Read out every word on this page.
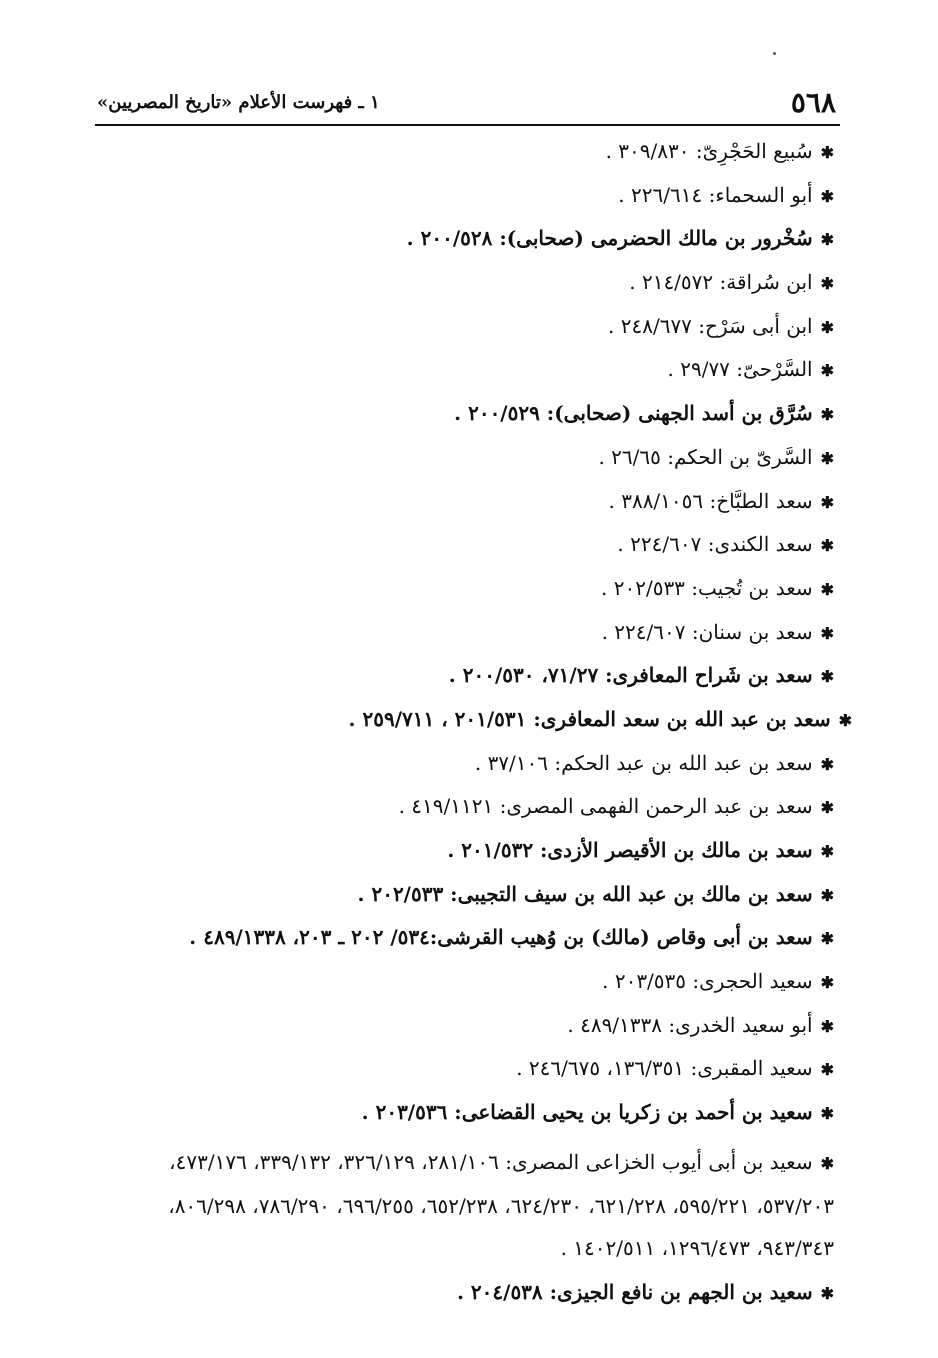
٥٦٨
١ ـ فهرست الأعلام «تاريخ المصريين»
✱سُبيع الحَجْرِىّ: ٣٠٩/٨٣٠ .
✱أبو السحماء: ٢٢٦/٦١٤ .
✱سُخْرور بن مالك الحضرمى (صحابى): ٢٠٠/٥٢٨ .
✱ابن سُراقة: ٢١٤/٥٧٢ .
✱ابن أبى سَرْح: ٢٤٨/٦٧٧ .
✱السَّرْحىّ: ٢٩/٧٧ .
✱سُرَّق بن أسد الجهنى (صحابى): ٢٠٠/٥٢٩ .
✱السَّرىّ بن الحكم: ٢٦/٦٥ .
✱سعد الطبَّاخ: ٣٨٨/١٠٥٦ .
✱سعد الكندى: ٢٢٤/٦٠٧ .
✱سعد بن تُجيب: ٢٠٢/٥٣٣ .
✱سعد بن سنان: ٢٢٤/٦٠٧ .
✱سعد بن شَراح المعافرى: ٧١/٢٧، ٢٠٠/٥٣٠ .
✱سعد بن عبد الله بن سعد المعافرى: ٢٠١/٥٣١ ، ٢٥٩/٧١١ .
✱سعد بن عبد الله بن عبد الحكم: ٣٧/١٠٦ .
✱سعد بن عبد الرحمن الفهمى المصرى: ٤١٩/١١٢١ .
✱سعد بن مالك بن الأقيصر الأزدى: ٢٠١/٥٣٢ .
✱سعد بن مالك بن عبد الله بن سيف التجيبى: ٢٠٢/٥٣٣ .
✱سعد بن أبى وقاص (مالك) بن وُهيب القرشى:٥٣٤/ ٢٠٢ ـ ٢٠٣، ٤٨٩/١٣٣٨ .
✱سعيد الحجرى: ٢٠٣/٥٣٥ .
✱أبو سعيد الخدرى: ٤٨٩/١٣٣٨ .
✱سعيد المقبرى: ١٣٦/٣٥١، ٢٤٦/٦٧٥ .
✱سعيد بن أحمد بن زكريا بن يحيى القضاعى: ٢٠٣/٥٣٦ .
✱سعيد بن أبى أيوب الخزاعى المصرى: ٢٨١/١٠٦، ٣٢٦/١٢٩، ٣٣٩/١٣٢، ٤٧٣/١٧٦، ٥٣٧/٢٠٣، ٥٩٥/٢٢١، ٦٢١/٢٢٨، ٦٢٤/٢٣٠، ٦٥٢/٢٣٨، ٦٩٦/٢٥٥، ٧٨٦/٢٩٠، ٨٠٦/٢٩٨، ٩٤٣/٣٤٣، ١٢٩٦/٤٧٣، ١٤٠٢/٥١١ .
✱سعيد بن الجهم بن نافع الجيزى: ٢٠٤/٥٣٨ .
